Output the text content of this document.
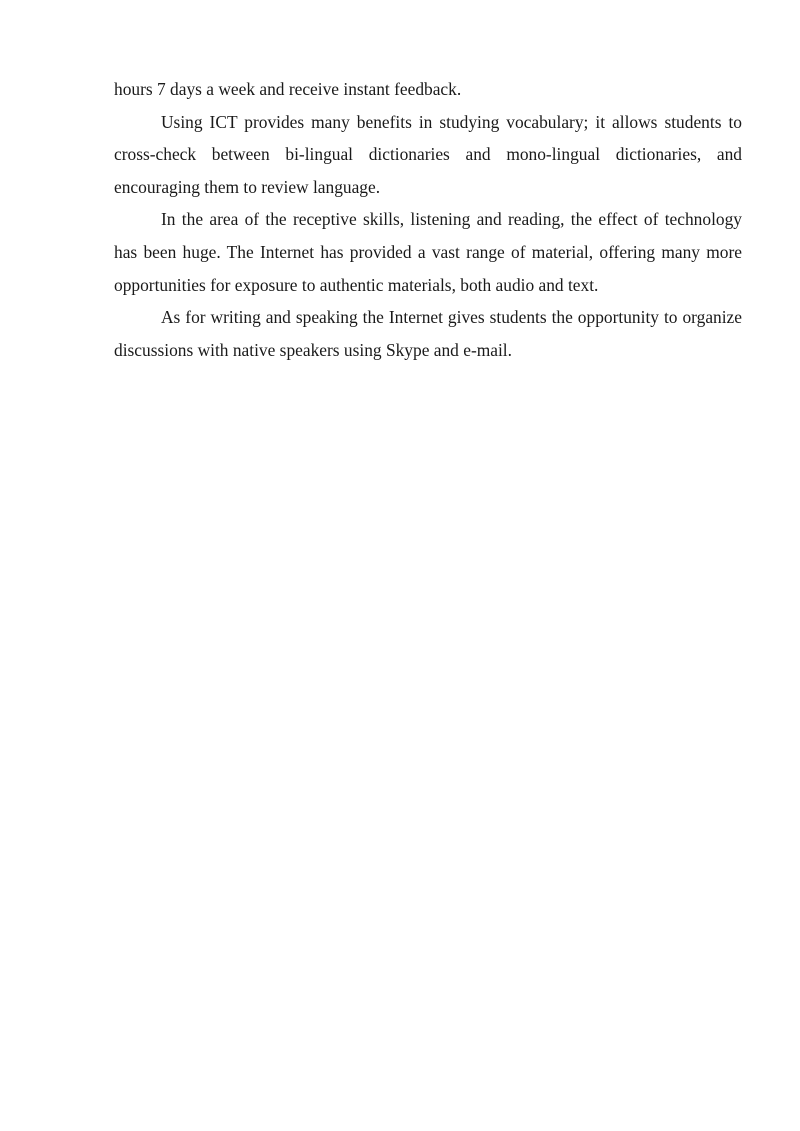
hours 7 days a week and receive instant feedback.

Using ICT provides many benefits in studying vocabulary; it allows students to cross-check between bi-lingual dictionaries and mono-lingual dictionaries, and encouraging them to review language.

In the area of the receptive skills, listening and reading, the effect of technology has been huge. The Internet has provided a vast range of material, offering many more opportunities for exposure to authentic materials, both audio and text.

As for writing and speaking the Internet gives students the opportunity to organize discussions with native speakers using Skype and e-mail.
